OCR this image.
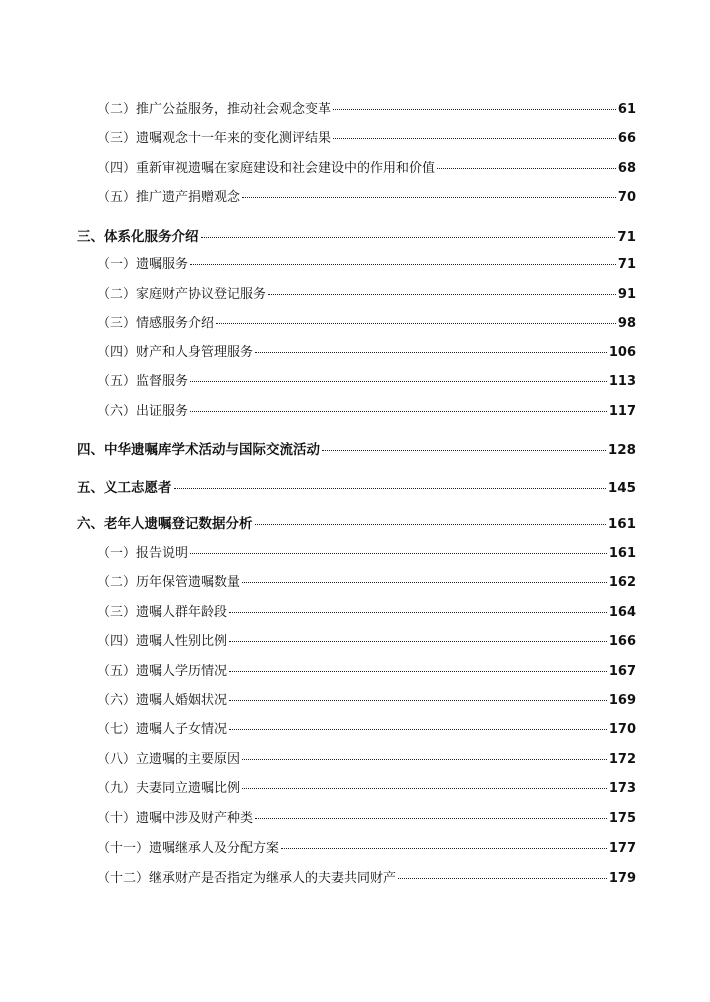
（二）推广公益服务，推动社会观念变革	61
（三）遗嘱观念十一年来的变化测评结果	66
（四）重新审视遗嘱在家庭建设和社会建设中的作用和价值	68
（五）推广遗产捐赠观念	70
三、体系化服务介绍	71
（一）遗嘱服务	71
（二）家庭财产协议登记服务	91
（三）情感服务介绍	98
（四）财产和人身管理服务	106
（五）监督服务	113
（六）出证服务	117
四、中华遗嘱库学术活动与国际交流活动	128
五、义工志愿者	145
六、老年人遗嘱登记数据分析	161
（一）报告说明	161
（二）历年保管遗嘱数量	162
（三）遗嘱人群年龄段	164
（四）遗嘱人性别比例	166
（五）遗嘱人学历情况	167
（六）遗嘱人婚姻状况	169
（七）遗嘱人子女情况	170
（八）立遗嘱的主要原因	172
（九）夫妻同立遗嘱比例	173
（十）遗嘱中涉及财产种类	175
（十一）遗嘱继承人及分配方案	177
（十二）继承财产是否指定为继承人的夫妻共同财产	179
